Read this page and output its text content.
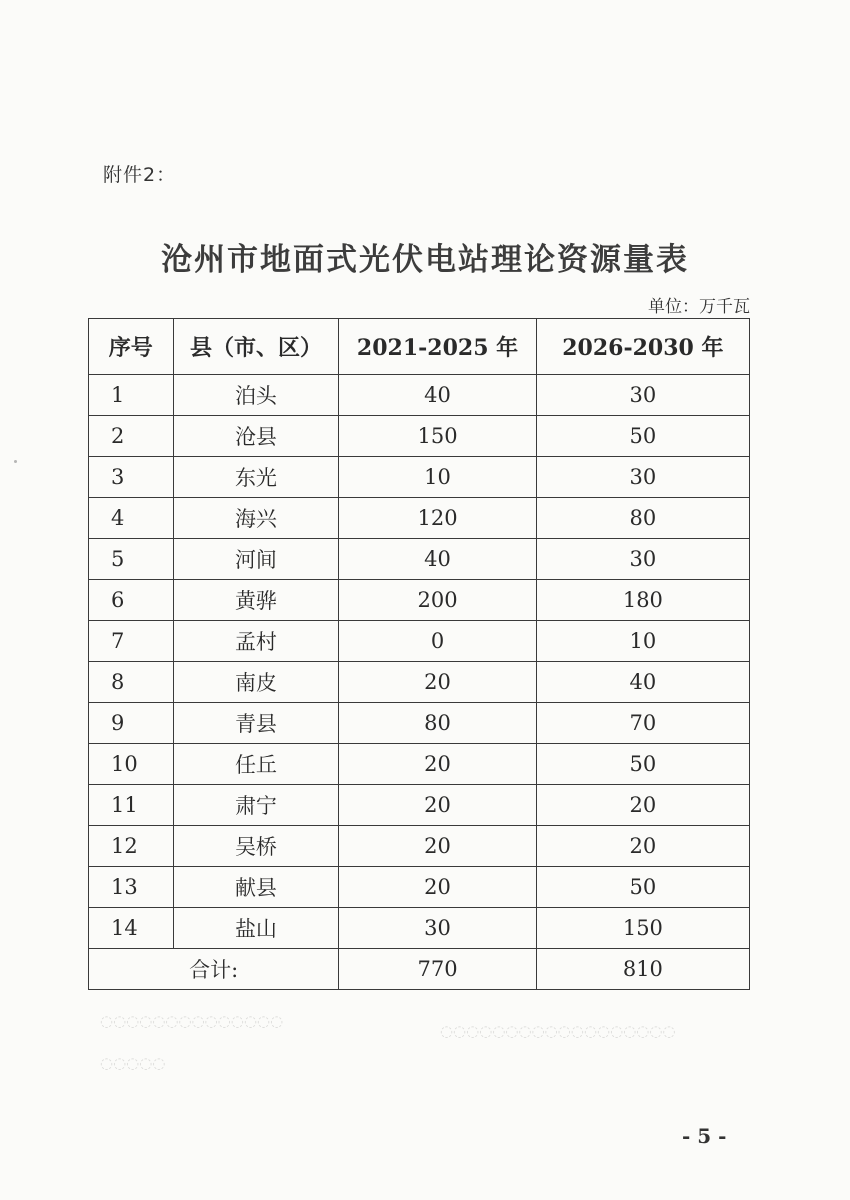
附件2：
沧州市地面式光伏电站理论资源量表
单位：万千瓦
序号	县（市、区）	2021-2025 年	2026-2030 年
1	泊头	40	30
2	沧县	150	50
3	东光	10	30
4	海兴	120	80
5	河间	40	30
6	黄骅	200	180
7	孟村	0	10
8	南皮	20	40
9	青县	80	70
10	任丘	20	50
11	肃宁	20	20
12	吴桥	20	20
13	献县	20	50
14	盐山	30	150
合计:		770	810
◌◌◌◌◌◌◌◌◌◌◌◌◌◌
◌◌◌◌◌◌◌◌◌◌◌◌◌◌◌◌◌◌
◌◌◌◌◌
- 5 -
